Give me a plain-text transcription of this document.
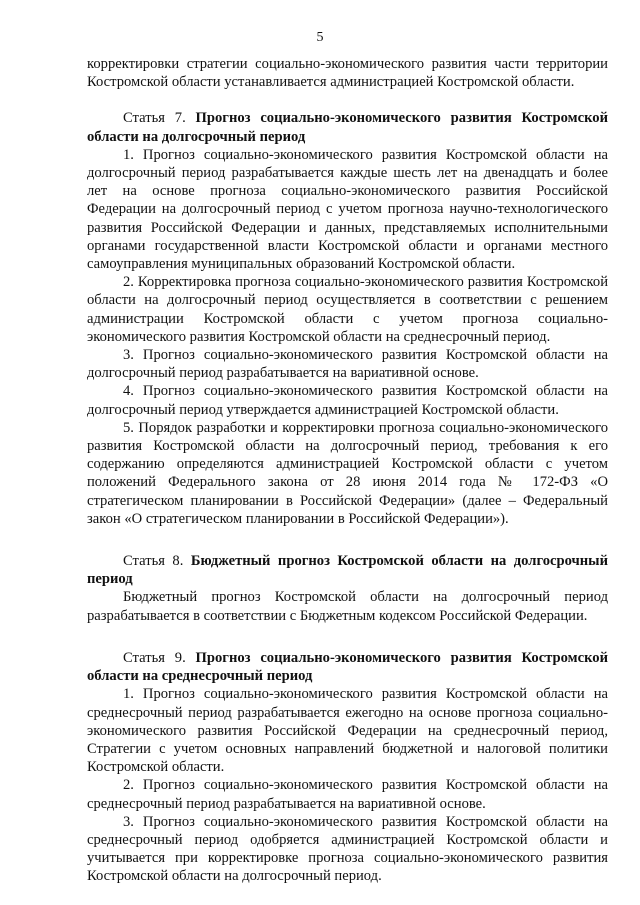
5

корректировки стратегии социально-экономического развития части территории Костромской области устанавливается администрацией Костромской области.

Статья 7. Прогноз социально-экономического развития Костромской области на долгосрочный период

1. Прогноз социально-экономического развития Костромской области на долгосрочный период разрабатывается каждые шесть лет на двенадцать и более лет на основе прогноза социально-экономического развития Российской Федерации на долгосрочный период с учетом прогноза научно-технологического развития Российской Федерации и данных, представляемых исполнительными органами государственной власти Костромской области и органами местного самоуправления муниципальных образований Костромской области.

2. Корректировка прогноза социально-экономического развития Костромской области на долгосрочный период осуществляется в соответствии с решением администрации Костромской области с учетом прогноза социально-экономического развития Костромской области на среднесрочный период.

3. Прогноз социально-экономического развития Костромской области на долгосрочный период разрабатывается на вариативной основе.

4. Прогноз социально-экономического развития Костромской области на долгосрочный период утверждается администрацией Костромской области.

5. Порядок разработки и корректировки прогноза социально-экономического развития Костромской области на долгосрочный период, требования к его содержанию определяются администрацией Костромской области с учетом положений Федерального закона от 28 июня 2014 года № 172-ФЗ «О стратегическом планировании в Российской Федерации» (далее – Федеральный закон «О стратегическом планировании в Российской Федерации»).

Статья 8. Бюджетный прогноз Костромской области на долгосрочный период

Бюджетный прогноз Костромской области на долгосрочный период разрабатывается в соответствии с Бюджетным кодексом Российской Федерации.

Статья 9. Прогноз социально-экономического развития Костромской области на среднесрочный период

1. Прогноз социально-экономического развития Костромской области на среднесрочный период разрабатывается ежегодно на основе прогноза социально-экономического развития Российской Федерации на среднесрочный период, Стратегии с учетом основных направлений бюджетной и налоговой политики Костромской области.

2. Прогноз социально-экономического развития Костромской области на среднесрочный период разрабатывается на вариативной основе.

3. Прогноз социально-экономического развития Костромской области на среднесрочный период одобряется администрацией Костромской области и учитывается при корректировке прогноза социально-экономического развития Костромской области на долгосрочный период.
